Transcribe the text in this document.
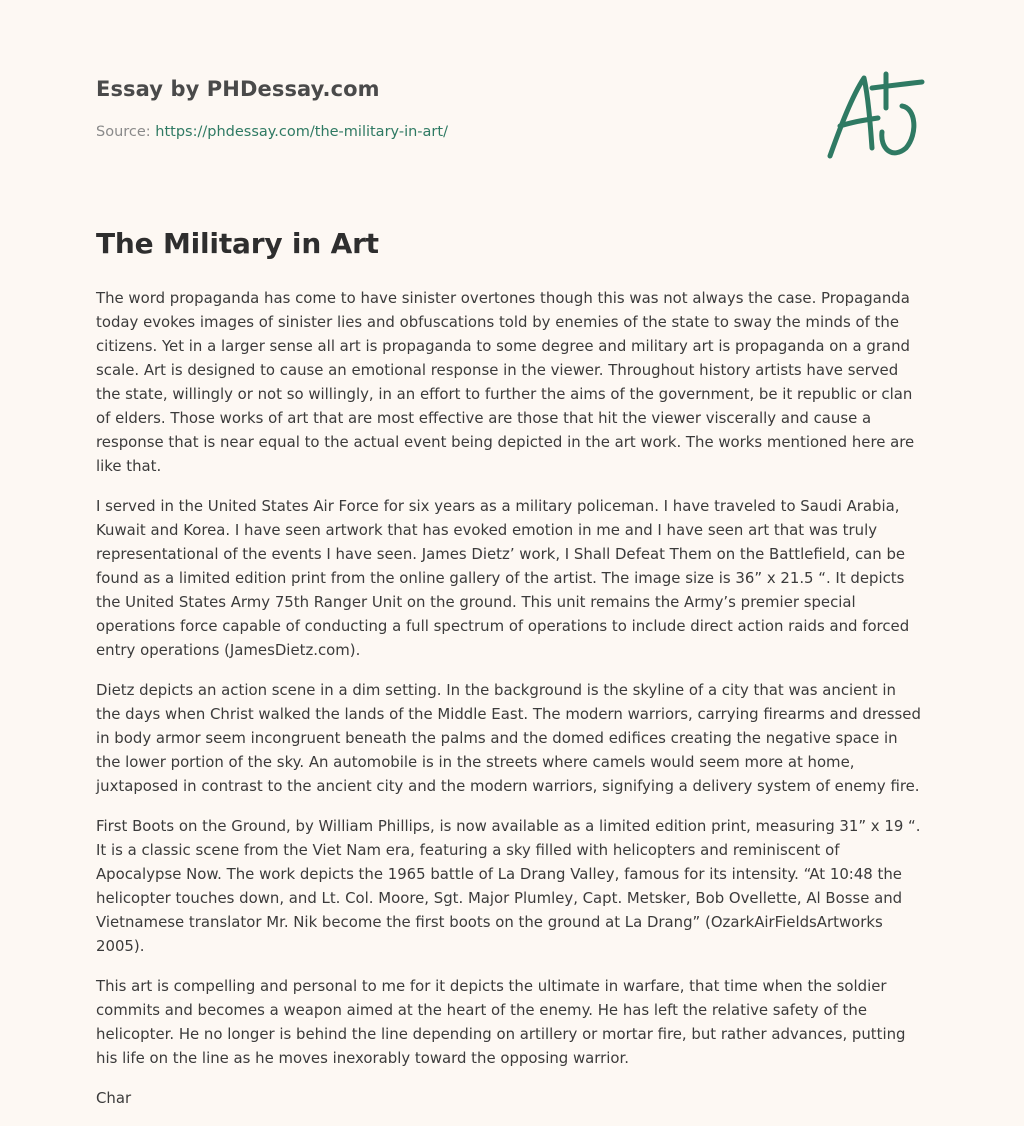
Essay by PHDessay.com
Source: https://phdessay.com/the-military-in-art/
The Military in Art

The word propaganda has come to have sinister overtones though this was not always the case. Propaganda today evokes images of sinister lies and obfuscations told by enemies of the state to sway the minds of the citizens. Yet in a larger sense all art is propaganda to some degree and military art is propaganda on a grand scale. Art is designed to cause an emotional response in the viewer. Throughout history artists have served the state, willingly or not so willingly, in an effort to further the aims of the government, be it republic or clan of elders. Those works of art that are most effective are those that hit the viewer viscerally and cause a response that is near equal to the actual event being depicted in the art work. The works mentioned here are like that.

I served in the United States Air Force for six years as a military policeman. I have traveled to Saudi Arabia, Kuwait and Korea. I have seen artwork that has evoked emotion in me and I have seen art that was truly representational of the events I have seen. James Dietz’ work, I Shall Defeat Them on the Battlefield, can be found as a limited edition print from the online gallery of the artist. The image size is 36” x 21.5 “. It depicts the United States Army 75th Ranger Unit on the ground. This unit remains the Army’s premier special operations force capable of conducting a full spectrum of operations to include direct action raids and forced entry operations (JamesDietz.com).

Dietz depicts an action scene in a dim setting. In the background is the skyline of a city that was ancient in the days when Christ walked the lands of the Middle East. The modern warriors, carrying firearms and dressed in body armor seem incongruent beneath the palms and the domed edifices creating the negative space in the lower portion of the sky. An automobile is in the streets where camels would seem more at home, juxtaposed in contrast to the ancient city and the modern warriors, signifying a delivery system of enemy fire.

First Boots on the Ground, by William Phillips, is now available as a limited edition print, measuring 31” x 19 “. It is a classic scene from the Viet Nam era, featuring a sky filled with helicopters and reminiscent of Apocalypse Now. The work depicts the 1965 battle of La Drang Valley, famous for its intensity. “At 10:48 the helicopter touches down, and Lt. Col. Moore, Sgt. Major Plumley, Capt. Metsker, Bob Ovellette, Al Bosse and Vietnamese translator Mr. Nik become the first boots on the ground at La Drang” (OzarkAirFieldsArtworks 2005).

This art is compelling and personal to me for it depicts the ultimate in warfare, that time when the soldier commits and becomes a weapon aimed at the heart of the enemy. He has left the relative safety of the helicopter. He no longer is behind the line depending on artillery or mortar fire, but rather advances, putting his life on the line as he moves inexorably toward the opposing warrior.

Char
